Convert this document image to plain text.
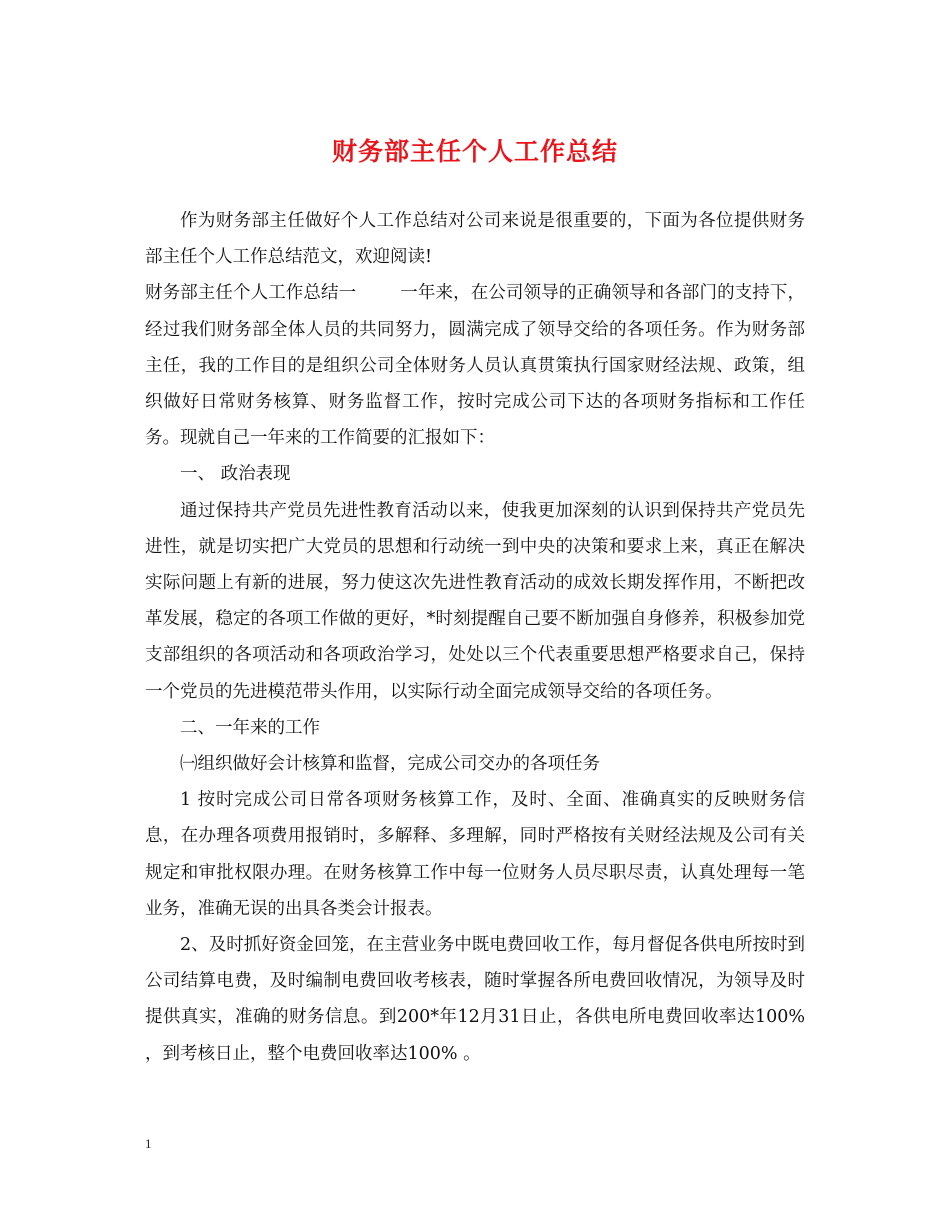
财务部主任个人工作总结

作为财务部主任做好个人工作总结对公司来说是很重要的，下面为各位提供财务部主任个人工作总结范文，欢迎阅读!

财务部主任个人工作总结一	一年来，在公司领导的正确领导和各部门的支持下，经过我们财务部全体人员的共同努力，圆满完成了领导交给的各项任务。作为财务部主任，我的工作目的是组织公司全体财务人员认真贯策执行国家财经法规、政策，组织做好日常财务核算、财务监督工作，按时完成公司下达的各项财务指标和工作任务。现就自己一年来的工作简要的汇报如下：

一、 政治表现

通过保持共产党员先进性教育活动以来，使我更加深刻的认识到保持共产党员先进性，就是切实把广大党员的思想和行动统一到中央的决策和要求上来，真正在解决实际问题上有新的进展，努力使这次先进性教育活动的成效长期发挥作用，不断把改革发展，稳定的各项工作做的更好，*时刻提醒自己要不断加强自身修养，积极参加党支部组织的各项活动和各项政治学习，处处以三个代表重要思想严格要求自己，保持一个党员的先进模范带头作用，以实际行动全面完成领导交给的各项任务。

二、一年来的工作

㈠组织做好会计核算和监督，完成公司交办的各项任务

1 按时完成公司日常各项财务核算工作，及时、全面、准确真实的反映财务信息，在办理各项费用报销时，多解释、多理解，同时严格按有关财经法规及公司有关规定和审批权限办理。在财务核算工作中每一位财务人员尽职尽责，认真处理每一笔业务，准确无误的出具各类会计报表。

2、及时抓好资金回笼，在主营业务中既电费回收工作，每月督促各供电所按时到公司结算电费，及时编制电费回收考核表，随时掌握各所电费回收情况，为领导及时提供真实，准确的财务信息。到200*年12月31日止，各供电所电费回收率达100% ，到考核日止，整个电费回收率达100% 。

1
